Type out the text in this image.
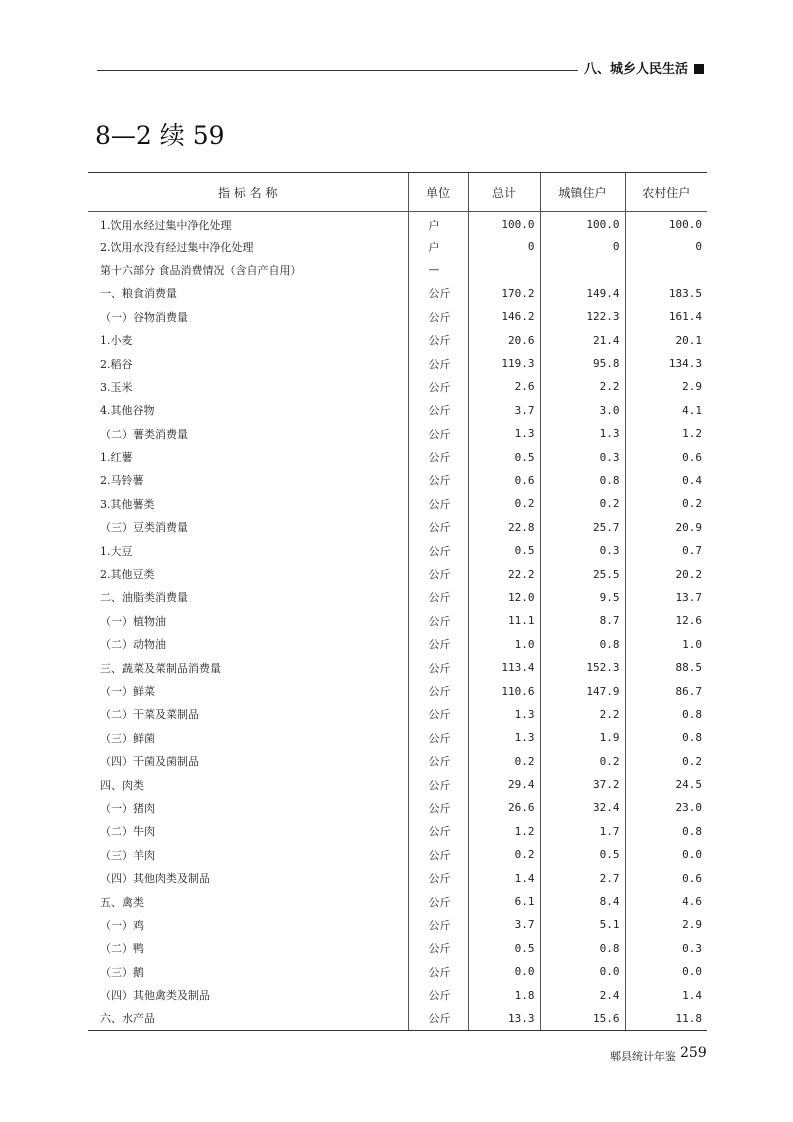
八、城乡人民生活
8—2 续 59
指 标 名 称	单位	总计	城镇住户	农村住户
1.饮用水经过集中净化处理	户	100.0	100.0	100.0
2.饮用水没有经过集中净化处理	户	0	0	0
第十六部分 食品消费情况（含自产自用）	—			
一、粮食消费量	公斤	170.2	149.4	183.5
（一）谷物消费量	公斤	146.2	122.3	161.4
1.小麦	公斤	20.6	21.4	20.1
2.稻谷	公斤	119.3	95.8	134.3
3.玉米	公斤	2.6	2.2	2.9
4.其他谷物	公斤	3.7	3.0	4.1
（二）薯类消费量	公斤	1.3	1.3	1.2
1.红薯	公斤	0.5	0.3	0.6
2.马铃薯	公斤	0.6	0.8	0.4
3.其他薯类	公斤	0.2	0.2	0.2
（三）豆类消费量	公斤	22.8	25.7	20.9
1.大豆	公斤	0.5	0.3	0.7
2.其他豆类	公斤	22.2	25.5	20.2
二、油脂类消费量	公斤	12.0	9.5	13.7
（一）植物油	公斤	11.1	8.7	12.6
（二）动物油	公斤	1.0	0.8	1.0
三、蔬菜及菜制品消费量	公斤	113.4	152.3	88.5
（一）鲜菜	公斤	110.6	147.9	86.7
（二）干菜及菜制品	公斤	1.3	2.2	0.8
（三）鲜菌	公斤	1.3	1.9	0.8
（四）干菌及菌制品	公斤	0.2	0.2	0.2
四、肉类	公斤	29.4	37.2	24.5
（一）猪肉	公斤	26.6	32.4	23.0
（二）牛肉	公斤	1.2	1.7	0.8
（三）羊肉	公斤	0.2	0.5	0.0
（四）其他肉类及制品	公斤	1.4	2.7	0.6
五、禽类	公斤	6.1	8.4	4.6
（一）鸡	公斤	3.7	5.1	2.9
（二）鸭	公斤	0.5	0.8	0.3
（三）鹅	公斤	0.0	0.0	0.0
（四）其他禽类及制品	公斤	1.8	2.4	1.4
六、水产品	公斤	13.3	15.6	11.8
郫县统计年鉴 259
